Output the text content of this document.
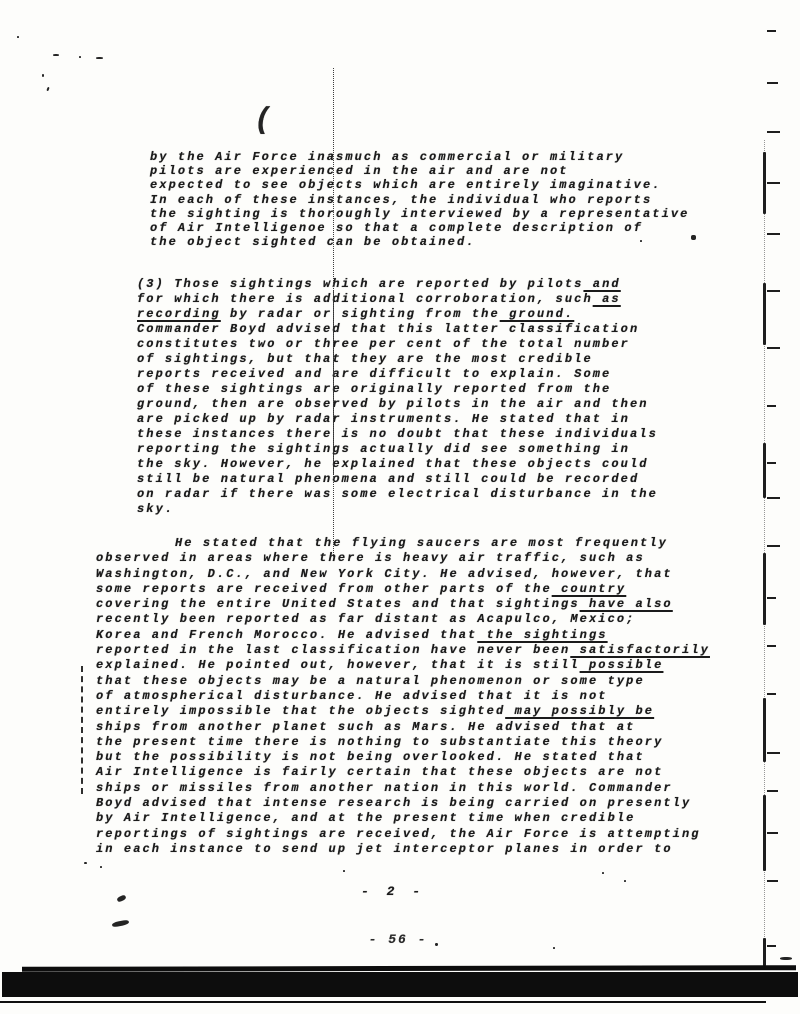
(
by the Air Force inasmuch as commercial or military
pilots are experienced in the air and are not
expected to see objects which are entirely imaginative.
In each of these instances, the individual who reports
the sighting is thoroughly interviewed by a representative
of Air Intelligenoe so that a complete description of
the object sighted can be obtained.
(3) Those sightings which are reported by pilots and
for which there is additional corroboration, such as
recording by radar or sighting from the ground.
Commander Boyd advised that this latter classification
constitutes two or three per cent of the total number
of sightings, but that they are the most credible
reports received and are difficult to explain. Some
of these sightings are originally reported from the
ground, then are observed by pilots in the air and then
are picked up by radar instruments. He stated that in
these instances there is no doubt that these individuals
reporting the sightings actually did see something in
the sky. However, he explained that these objects could
still be natural phenomena and still could be recorded
on radar if there was some electrical disturbance in the
sky.
He stated that the flying saucers are most frequently
observed in areas where there is heavy air traffic, such as
Washington, D.C., and New York City. He advised, however, that
some reports are received from other parts of the country
covering the entire United States and that sightings have also
recently been reported as far distant as Acapulco, Mexico;
Korea and French Morocco. He advised that the sightings
reported in the last classification have never been satisfactorily
explained. He pointed out, however, that it is still possible
that these objects may be a natural phenomenon or some type
of atmospherical disturbance. He advised that it is not
entirely impossible that the objects sighted may possibly be
ships from another planet such as Mars. He advised that at
the present time there is nothing to substantiate this theory
but the possibility is not being overlooked. He stated that
Air Intelligence is fairly certain that these objects are not
ships or missiles from another nation in this world. Commander
Boyd advised that intense research is being carried on presently
by Air Intelligence, and at the present time when credible
reportings of sightings are received, the Air Force is attempting
in each instance to send up jet interceptor planes in order to
- 2 -
- 56 -
